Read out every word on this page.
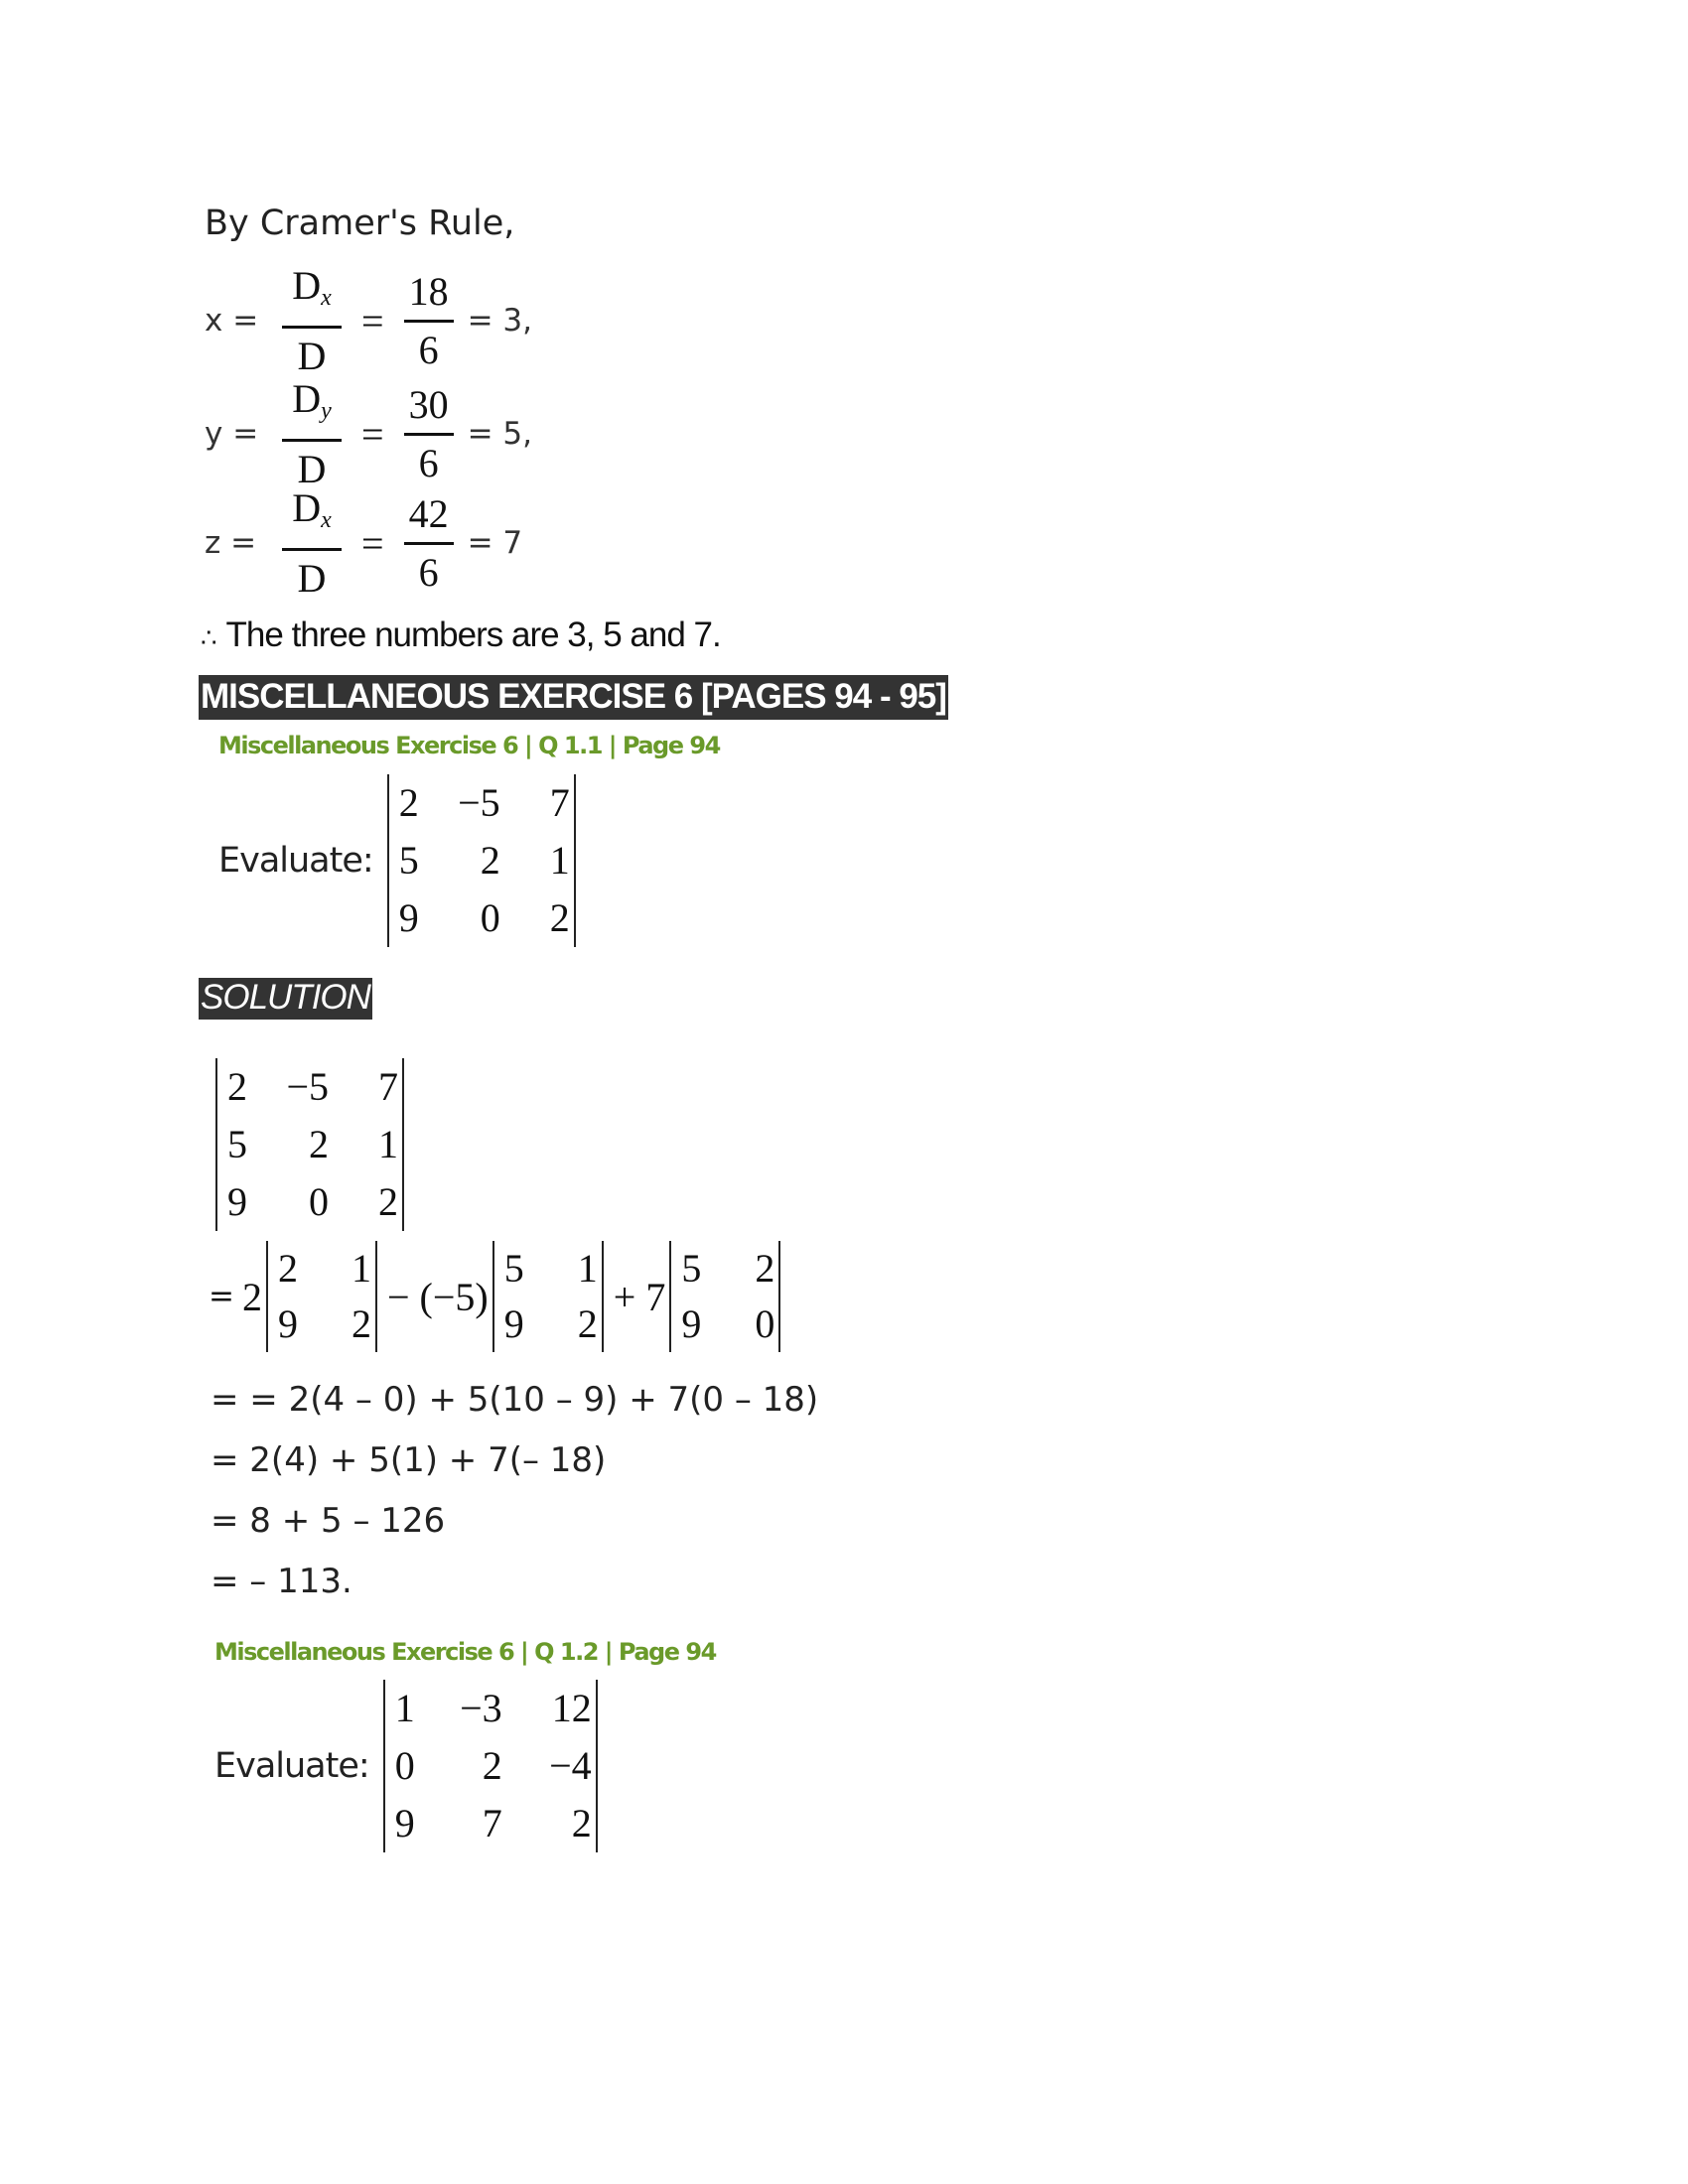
By Cramer's Rule,
$x = \frac{D_x}{D} = \frac{18}{6} = 3$,
$y = \frac{D_y}{D} = \frac{30}{6} = 5$,
$z = \frac{D_x}{D} = \frac{42}{6} = 7$
∴ The three numbers are 3, 5 and 7.
MISCELLANEOUS EXERCISE 6 [PAGES 94 - 95]
Miscellaneous Exercise 6 | Q 1.1 | Page 94
Evaluate:
2 −5	7
5	2	1
9	0	2
SOLUTION
2 −5	7
5	2	1
9	0	2
= 2
2	1
9	2
− (−5)
5	1
9	2
+ 7
5	2
9	0
= = 2(4 – 0) + 5(10 – 9) + 7(0 – 18)
= 2(4) + 5(1) + 7(– 18)
= 8 + 5 – 126
= – 113.
Miscellaneous Exercise 6 | Q 1.2 | Page 94
Evaluate:
1	−3	12
0	2	−4
9	7	2
